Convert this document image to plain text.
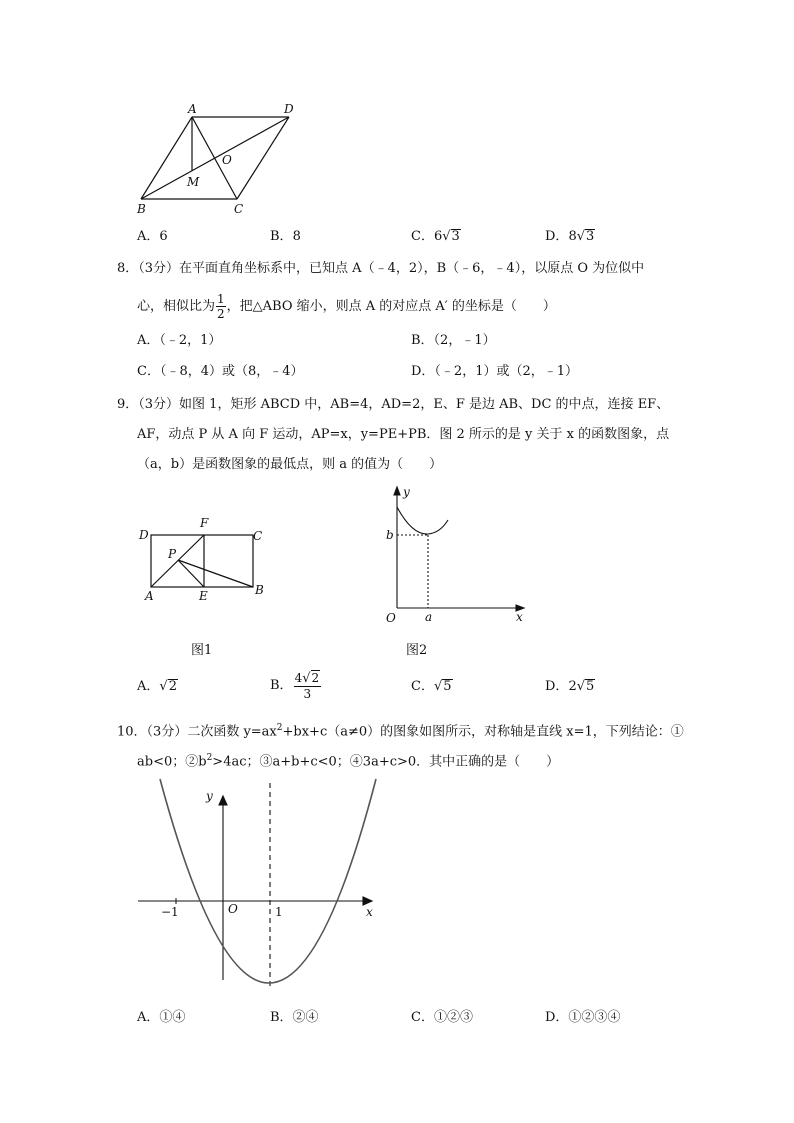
A	D
O
M
B	C
A．6	B．8	C．6√3	D．8√3
8．（3分）在平面直角坐标系中，已知点 A（﹣4，2），B（﹣6，﹣4），以原点 O 为位似中
心，相似比为 $\frac{1}{2}$ ，把△ABO 缩小，则点 A 的对应点 A′ 的坐标是（　　）
A．（﹣2，1）	B．（2，﹣1）
C．（﹣8，4）或（8，﹣4）	D．（﹣2，1）或（2，﹣1）
9．（3分）如图 1，矩形 ABCD 中，AB=4，AD=2，E、F 是边 AB、DC 的中点，连接 EF、
AF，动点 P 从 A 向 F 运动，AP=x，y=PE+PB．图 2 所示的是 y 关于 x 的函数图象，点
（a，b）是函数图象的最低点，则 a 的值为（　　）
D
F
C
P
A	E	B
y
b
O a	x
图1	图2
A．√2	B． $\frac{4√2}{3}$	C．√5	D．2√5
10．（3分）二次函数 $y=ax^2+bx+c(a\ne 0)$的图象如图所示，对称轴是直线 x=1，下列结论：①
ab<0；$②b^2>4ac$；③a+b+c<0；④3a+c>0．其中正确的是（　　）
y
−1	O	1	x
A．①④	B．②④	C．①②③	D．①②③④
